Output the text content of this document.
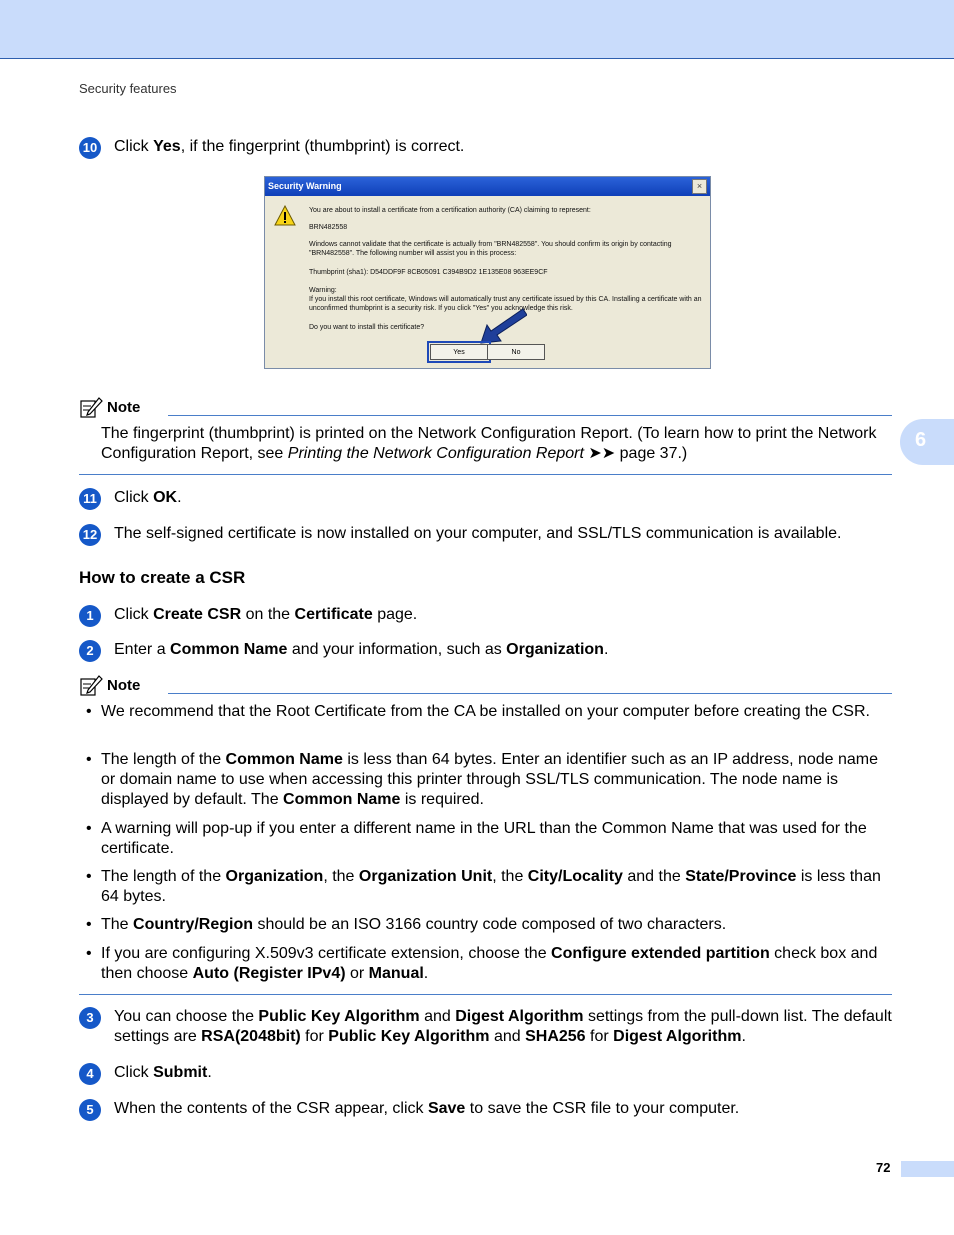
Security features
6
10 Click Yes, if the fingerprint (thumbprint) is correct.
Security Warning	×
You are about to install a certificate from a certification authority (CA) claiming to represent:
BRN482558
Windows cannot validate that the certificate is actually from "BRN482558". You should confirm its origin by contacting "BRN482558". The following number will assist you in this process:
Thumbprint (sha1): D54DDF9F 8CB05091 C394B9D2 1E135E08 963EE9CF
Warning:
If you install this root certificate, Windows will automatically trust any certificate issued by this CA. Installing a certificate with an unconfirmed thumbprint is a security risk. If you click "Yes" you acknowledge this risk.
Do you want to install this certificate?
Yes	No
Note
The fingerprint (thumbprint) is printed on the Network Configuration Report. (To learn how to print the Network Configuration Report, see Printing the Network Configuration Report ➤➤ page 37.)
11 Click OK.
12 The self-signed certificate is now installed on your computer, and SSL/TLS communication is available.
How to create a CSR
1	Click Create CSR on the Certificate page.
2	Enter a Common Name and your information, such as Organization.
Note
• We recommend that the Root Certificate from the CA be installed on your computer before creating the CSR.
• The length of the Common Name is less than 64 bytes. Enter an identifier such as an IP address, node name or domain name to use when accessing this printer through SSL/TLS communication. The node name is displayed by default. The Common Name is required.
• A warning will pop-up if you enter a different name in the URL than the Common Name that was used for the certificate.
• The length of the Organization, the Organization Unit, the City/Locality and the State/Province is less than 64 bytes.
• The Country/Region should be an ISO 3166 country code composed of two characters.
• If you are configuring X.509v3 certificate extension, choose the Configure extended partition check box and then choose Auto (Register IPv4) or Manual.
3	You can choose the Public Key Algorithm and Digest Algorithm settings from the pull-down list. The default settings are RSA(2048bit) for Public Key Algorithm and SHA256 for Digest Algorithm.
4	Click Submit.
5	When the contents of the CSR appear, click Save to save the CSR file to your computer.
72
